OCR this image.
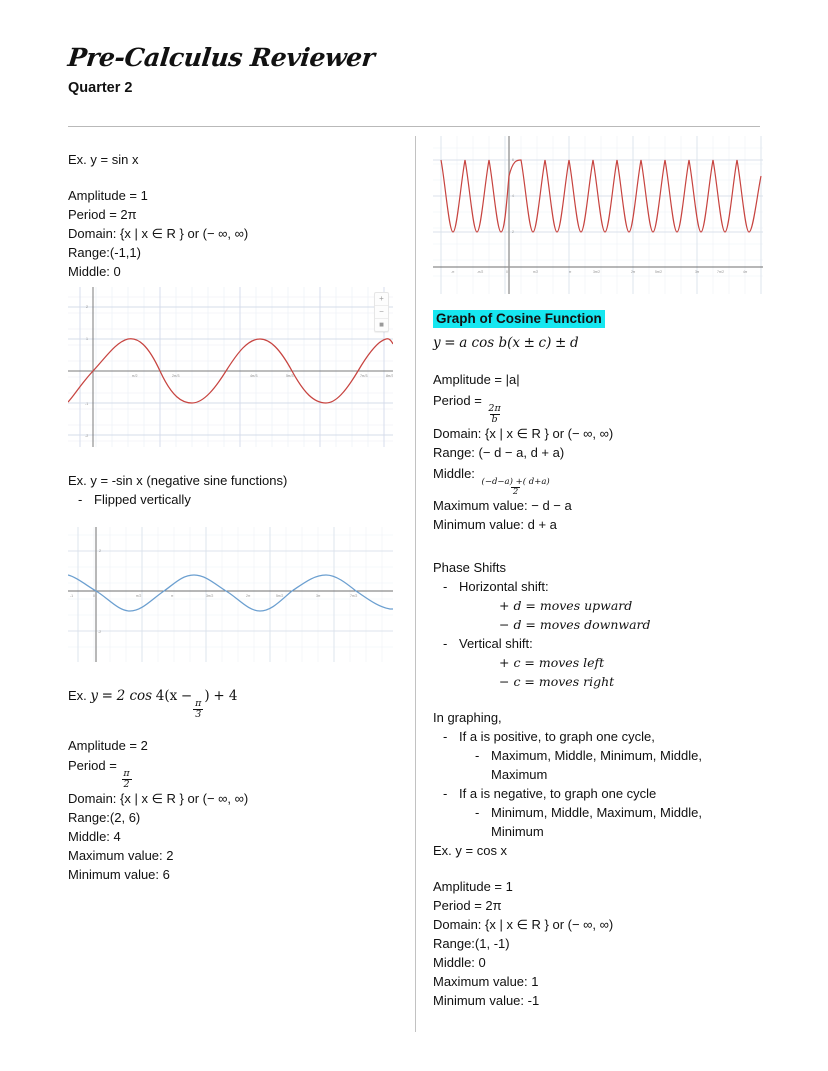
Pre-Calculus Reviewer
Quarter 2
Ex. y = sin x
Amplitude = 1
Period = 2π
Domain: {x | x ∈ R } or (− ∞, ∞)
Range:(-1,1)
Middle: 0
π/2	2π/3	4π/3	5π/3	7π/3	8π/3
2
1
-1
-2
+
−
■
Ex. y = -sin x (negative sine functions)
- Flipped vertically
-1	0	π/2	π	3π/2	2π	5π/2	3π	7π/2
2
-2
Ex. y = 2 cos 4(x −
$\frac{\pi}{3}$
) + 4
Amplitude = 2
Period =
$\frac{\pi}{2}$
Domain: {x | x ∈ R } or (− ∞, ∞)
Range:(2, 6)
Middle: 4
Maximum value: 2
Minimum value: 6
-π	-π/2	0	π/2	π	3π/2	2π	5π/2	3π	7π/2	4π
6
4
2
Graph of Cosine Function
y = a cos b(x ± c) ± d
Amplitude = |a|
Period =
$\frac{2\pi}{b}$
Domain: {x | x ∈ R } or (− ∞, ∞)
Range: (− d − a, d + a)
Middle:
$\frac{(-d-a) +( d+a)}{2}$
Maximum value: − d − a
Minimum value: d + a
Phase Shifts
- Horizontal shift:
+ d = moves upward
− d = moves downward
- Vertical shift:
+ c = moves left
− c = moves right
In graphing,
- If a is positive, to graph one cycle,
- Maximum, Middle, Minimum, Middle,
Maximum
- If a is negative, to graph one cycle
- Minimum, Middle, Maximum, Middle,
Minimum
Ex. y = cos x
Amplitude = 1
Period = 2π
Domain: {x | x ∈ R } or (− ∞, ∞)
Range:(1, -1)
Middle: 0
Maximum value: 1
Minimum value: -1
